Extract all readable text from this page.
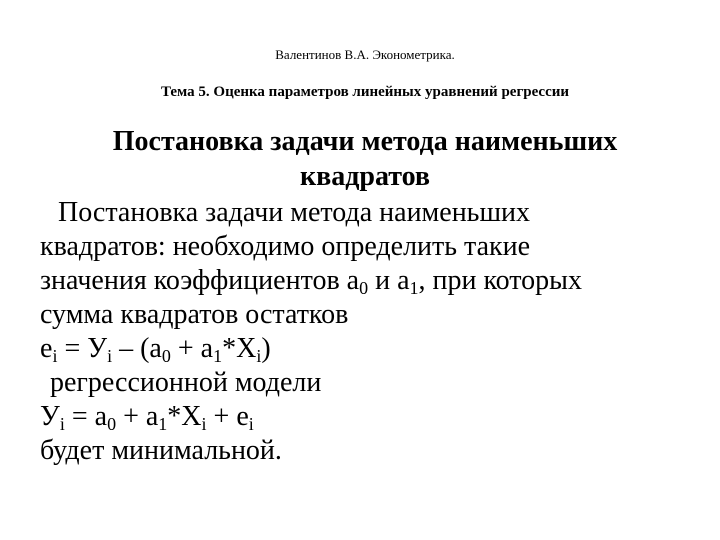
Валентинов В.А. Эконометрика.
Тема 5. Оценка параметров линейных уравнений регрессии
Постановка задачи метода наименьших
квадратов
Постановка задачи метода наименьших
квадратов: необходимо определить такие
значения коэффициентов $а_0$ и $а_1$, при которых
сумма квадратов остатков
$е_i = У_i - (а_0 + а_1*Х_i)$
регрессионной модели
$У_i = а_0 + а_1*Х_i + е_i$
будет минимальной.
